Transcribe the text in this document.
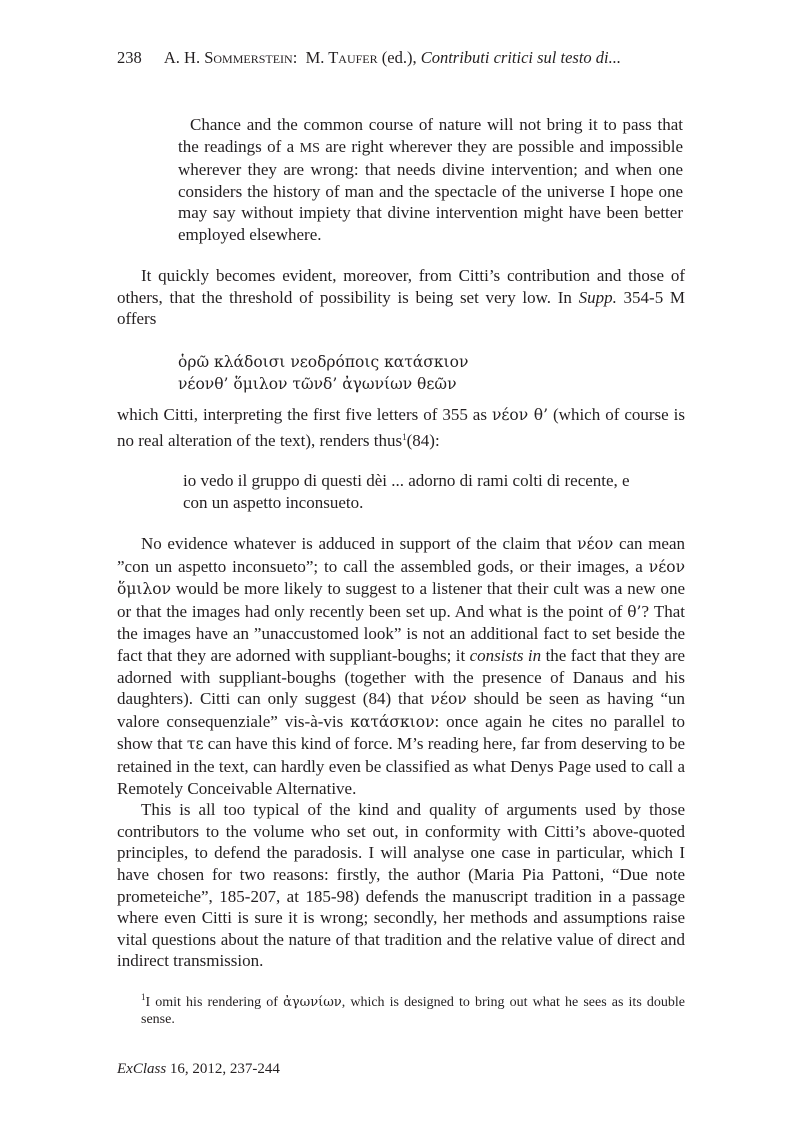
238 A. H. Sommerstein:  M. Taufer (ed.), Contributi critici sul testo di...

Chance and the common course of nature will not bring it to pass that the readings of a MS are right wherever they are possible and impossible wherever they are wrong: that needs divine intervention; and when one considers the history of man and the spectacle of the universe I hope one may say without impiety that divine intervention might have been better employed elsewhere.

It quickly becomes evident, moreover, from Citti’s contribution and those of others, that the threshold of possibility is being set very low. In Supp. 354-5 M offers

ὁρῶ κλάδοισι νεοδρόποις κατάσκιον
νέονθ’ ὅμιλον τῶνδ’ ἀγωνίων θεῶν

which Citti, interpreting the first five letters of 355 as νέον θ’ (which of course is no real alteration of the text), renders thus$^1$(84):

io vedo il gruppo di questi dèi ... adorno di rami colti di recente, e
con un aspetto inconsueto.

No evidence whatever is adduced in support of the claim that νέον can mean ”con un aspetto inconsueto”; to call the assembled gods, or their images, a νέον ὅμιλον would be more likely to suggest to a listener that their cult was a new one or that the images had only recently been set up. And what is the point of θ’? That the images have an ”unaccustomed look” is not an additional fact to set beside the fact that they are adorned with suppliant-boughs; it consists in the fact that they are adorned with suppliant-boughs (together with the presence of Danaus and his daughters). Citti can only suggest (84) that νέον should be seen as having “un valore consequenziale” vis-à-vis κατάσκιον: once again he cites no parallel to show that τε can have this kind of force. M’s reading here, far from deserving to be retained in the text, can hardly even be classified as what Denys Page used to call a Remotely Conceivable Alternative.

This is all too typical of the kind and quality of arguments used by those contributors to the volume who set out, in conformity with Citti’s above-quoted principles, to defend the paradosis. I will analyse one case in particular, which I have chosen for two reasons: firstly, the author (Maria Pia Pattoni, “Due note prometeiche”, 185-207, at 185-98) defends the manuscript tradition in a passage where even Citti is sure it is wrong; secondly, her methods and assumptions raise vital questions about the nature of that tradition and the relative value of direct and indirect transmission.

$^1$I omit his rendering of ἀγωνίων, which is designed to bring out what he sees as its double sense.
ExClass 16, 2012, 237-244
